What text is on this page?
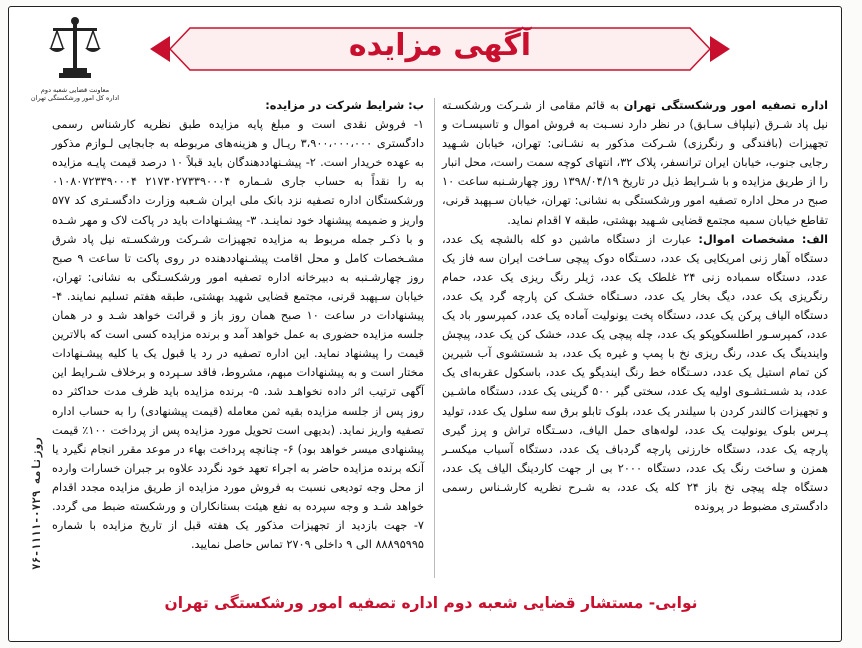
معاونت قضایی شعبه دوم
اداره کل امور ورشکستگی تهران
آگهی مزایده

اداره تصفیه امور ورشکستگی تهران به قائم مقامی از شـرکت ورشکسـته نیل پاد شـرق (نیلپاف سـابق) در نظر دارد نسـبت به فروش اموال و تاسیسـات و تجهیزات (بافندگی و رنگرزی) شـرکت مذکور به نشـانی: تهران، خیابان شـهید رجایی جنوب، خیابان ایران ترانسفر، پلاک ۳۲، انتهای کوچه سمت راست، محل انبار را از طریق مزایده و با شـرایط ذیل در تاریخ ۱۳۹۸/۰۴/۱۹ روز چهارشـنبه ساعت ۱۰ صبح در محل اداره تصفیه امور ورشکستگی به نشانی: تهران، خیابان سـپهبد قرنی، تقاطع خیابان سمیه مجتمع قضایی شـهید بهشتی، طبقه ۷ اقدام نماید.

الف: مشخصات اموال: عبارت از دستگاه ماشین دو کله بالشچه یک عدد، دستگاه آهار زنی امریکایی یک عدد، دسـتگاه دوک پیچی سـاخت ایران سه فاز یک عدد، دستگاه سمباده زنی ۲۴ غلطک یک عدد، ژیلر رنگ ریزی یک عدد، حمام رنگریزی یک عدد، دیگ بخار یک عدد، دسـتگاه خشـک کن پارچه گرد یک عدد، دستگاه الیاف پرکن یک عدد، دستگاه پخت یونولیت آماده یک عدد، کمپرسور باد یک عدد، کمپرسـور اطلسکوپکو یک عدد، چله پیچی یک عدد، خشک کن یک عدد، پیچش وایندینگ یک عدد، رنگ ریزی نخ با پمپ و غیره یک عدد، بد شستشوی آب شیرین کن تمام استیل یک عدد، دسـتگاه خط رنگ ایندیگو یک عدد، باسکول عقربه‌ای یک عدد، بد شسـتشـوی اولیه یک عدد، سختی گیر ۵۰۰ گرینی یک عدد، دستگاه ماشـین و تجهیزات کالندر کردن با سیلندر یک عدد، بلوک تابلو برق سه سلول یک عدد، تولید پـرس بلوک یونولیت یک عدد، لوله‌های حمل الیاف، دسـتگاه تراش و پرز گیری پارچه یک عدد، دستگاه خارزنی پارچه گردباف یک عدد، دستگاه آسیاب میکسـر همزن و ساخت رنگ یک عدد، دستگاه ۲۰۰۰ بی ار جهت کاردینگ الیاف یک عدد، دستگاه چله پیچی نخ باز ۲۴ کله یک عدد، به شـرح نظریه کارشـناس رسمی دادگستری مضبوط در پرونده

ب: شرایط شرکت در مزایده:
۱- فروش نقدی است و مبلغ پایه مزایده طبق نظریه کارشناس رسمی دادگستری ۳،۹۰۰،۰۰۰،۰۰۰ ریـال و هزینه‌های مربوطه به جابجایی لـوازم مذکور به عهده خریدار است. ۲- پیشـنهاددهندگان باید قبلاً ۱۰ درصد قیمت پایـه مزایده به را نقداً به حساب جاری شـماره ۲۱۷۳۰۲۷۳۳۹۰۰۰۴ ۰۱۰۸۰۷۲۳۳۹۰۰۰۴ ورشکستگان اداره تصفیه نزد بانک ملی ایران شـعبه وزارت دادگسـتری کد ۵۷۷ واریز و ضمیمه پیشنهاد خود نماینـد. ۳- پیشـنهادات باید در پاکت لاک و مهر شـده و با ذکـر جمله مربوط به مزایده تجهیزات شـرکت ورشکسـته نیل پاد شرق مشـخصات کامل و محل اقامت پیشـنهاددهنده در روی پاکت تا ساعت ۹ صبح روز چهارشـنبه به دبیرخانه اداره تصفیه امور ورشکسـتگی به نشانی: تهران، خیابان سـپهبد قرنی، مجتمع قضایی شهید بهشتی، طبقه هفتم تسلیم نمایند. ۴- پیشنهادات در ساعت ۱۰ صبح همان روز باز و قرائت خواهد شـد و در همان جلسه مزایده حضوری به عمل خواهد آمد و برنده مزایده کسی است که بالاترین قیمت را پیشنهاد نماید. این اداره تصفیه در رد یا قبول یک یا کلیه پیشـنهادات مختار است و به پیشنهادات مبهم، مشروط، فاقد سـپرده و برخلاف شـرایط این آگهی ترتیب اثر داده نخواهـد شد. ۵- برنده مزایده باید ظرف مدت حداکثر ده روز پس از جلسه مزایده بقیه ثمن معامله (قیمت پیشنهادی) را به حساب اداره تصفیه واریز نماید. (بدیهی است تحویل مورد مزایده پس از پرداخت ۱۰۰٪ قیمت پیشنهادی میسر خواهد بود) ۶- چنانچه پرداخت بهاء در موعد مقرر انجام نگیرد یا آنکه برنده مزایده حاضر به اجراء تعهد خود نگردد علاوه بر جبران خسارات وارده از محل وجه تودیعی نسبت به فروش مورد مزایده از طریق مزایده مجدد اقدام خواهد شـد و وجه سپرده به نفع هیئت بستانکاران و ورشکسته ضبط می گردد. ۷- جهت بازدید از تجهیزات مذکور یک هفته قبل از تاریخ مزایده با شماره ۸۸۸۹۵۹۹۵ الی ۹ داخلی ۲۷۰۹ تماس حاصل نمایید.

روزنامه ۰۷۲۹-۱۱۱۱-۷۶
نوابی- مستشار قضایی شعبه دوم اداره تصفیه امور ورشکستگی تهران
